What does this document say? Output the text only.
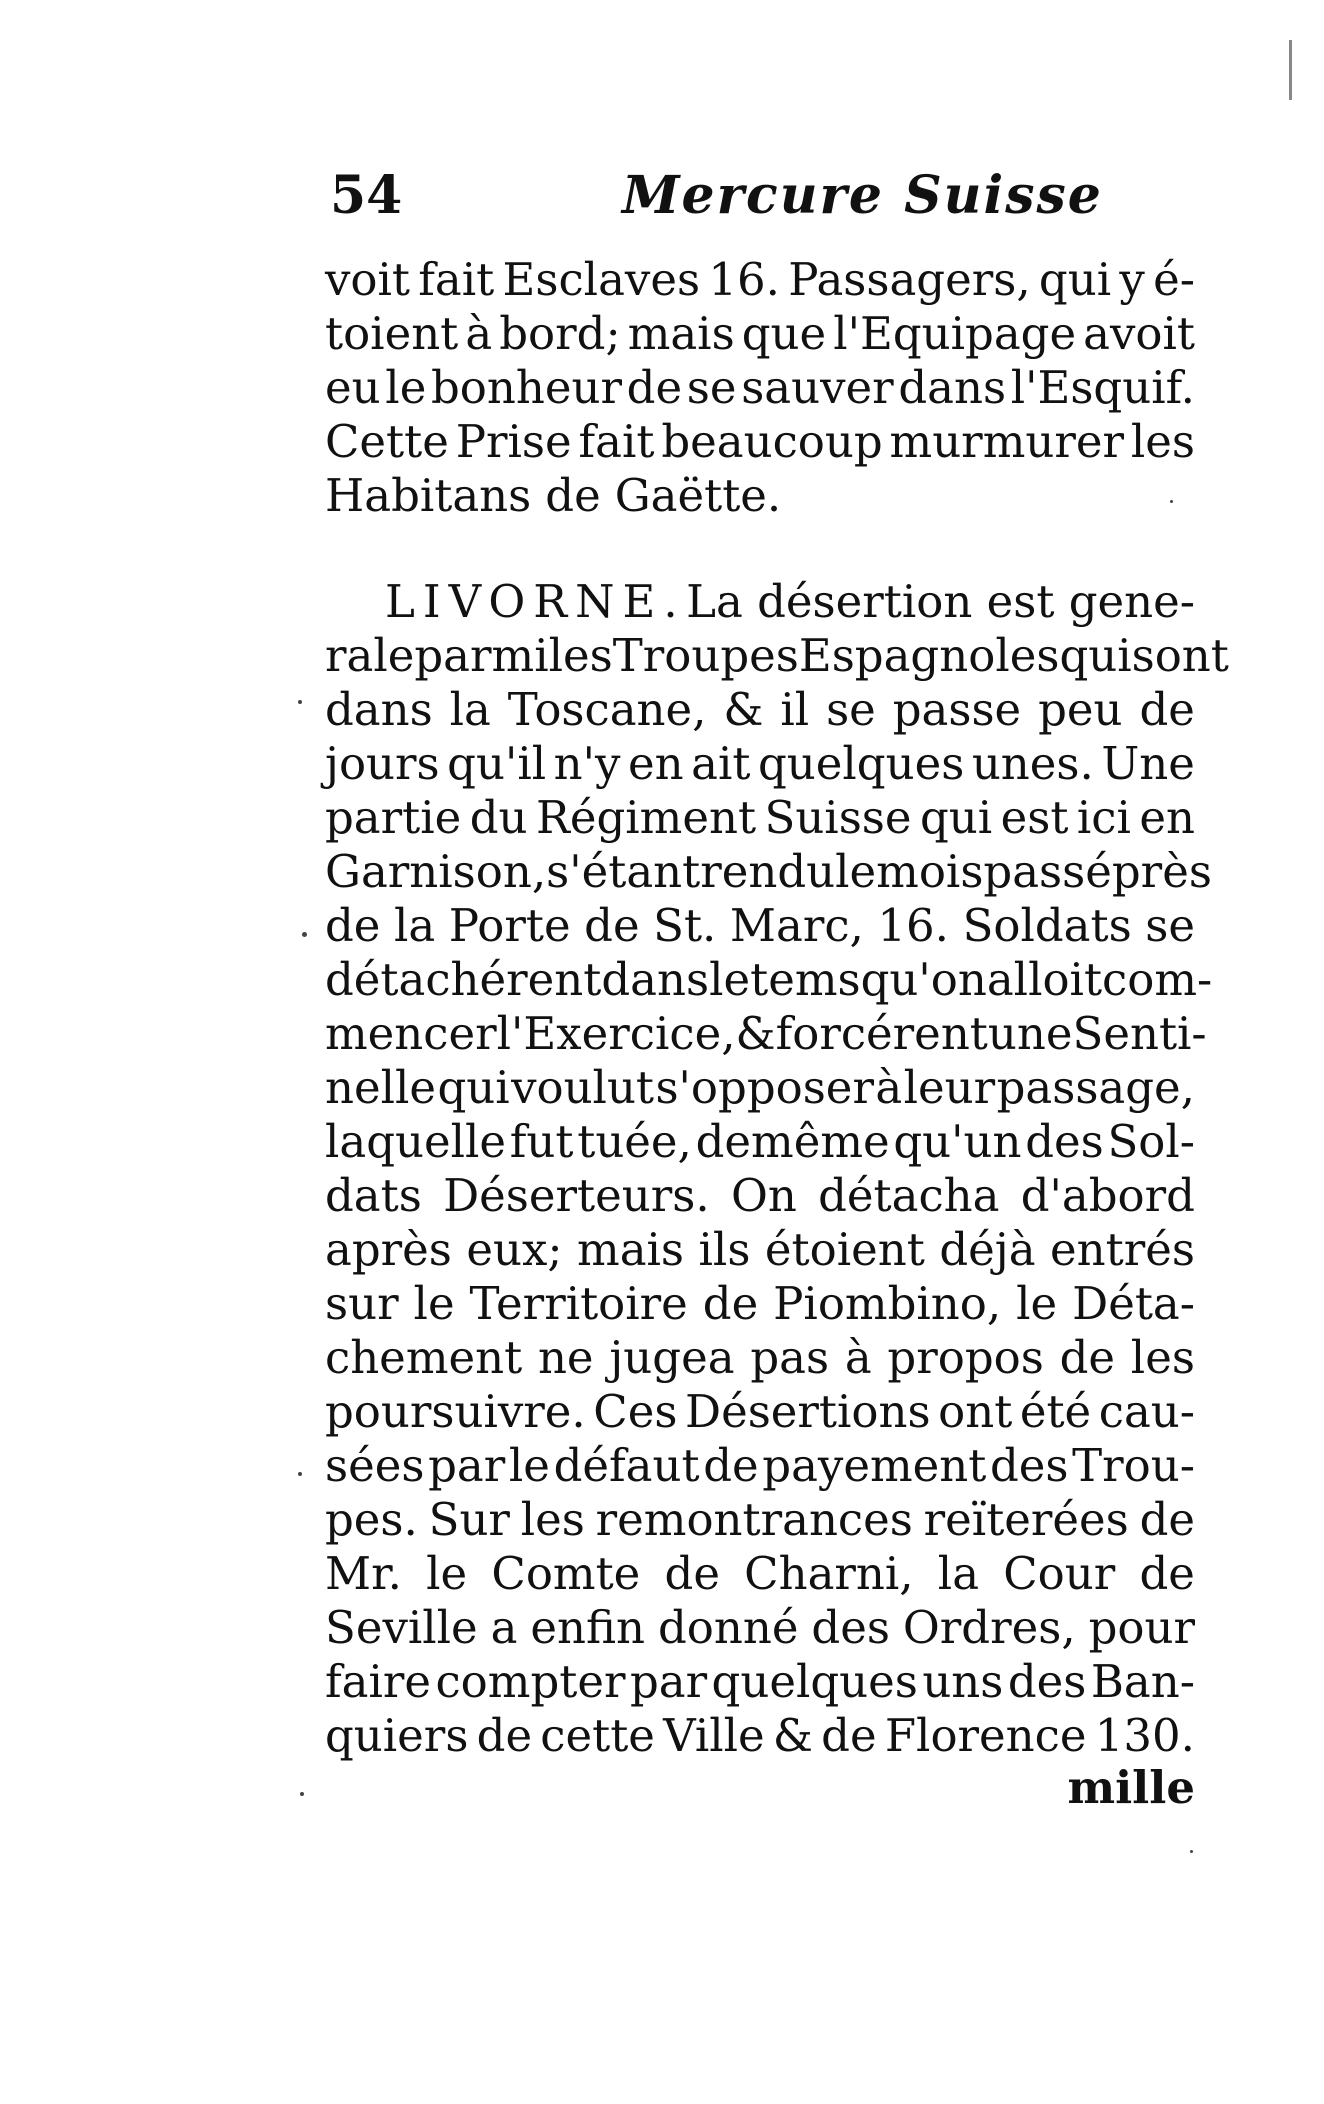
54	Mercure Suisse
voit fait Esclaves 16. Passagers, qui y é-
toient à bord; mais que l'Equipage avoit
eu le bonheur de se sauver dans l'Esquif.
Cette Prise fait beaucoup murmurer les
Habitans de Gaëtte.
LIVORNE. La désertion est gene-
rale parmi les Troupes Espagnoles qui sont
dans la Toscane, & il se passe peu de
jours qu'il n'y en ait quelques unes. Une
partie du Régiment Suisse qui est ici en
Garnison, s'étant rendu le mois passé près
de la Porte de St. Marc, 16. Soldats se
détachérent dans le tems qu'on alloit com-
mencer l'Exercice, & forcérent une Senti-
nelle qui voulut s'opposer à leur passage,
laquelle fut tuée, demême qu'un des Sol-
dats Déserteurs. On détacha d'abord
après eux; mais ils étoient déjà entrés
sur le Territoire de Piombino, le Déta-
chement ne jugea pas à propos de les
poursuivre. Ces Désertions ont été cau-
sées par le défaut de payement des Trou-
pes. Sur les remontrances reïterées de
Mr. le Comte de Charni, la Cour de
Seville a enfin donné des Ordres, pour
faire compter par quelques uns des Ban-
quiers de cette Ville & de Florence 130.
mille
